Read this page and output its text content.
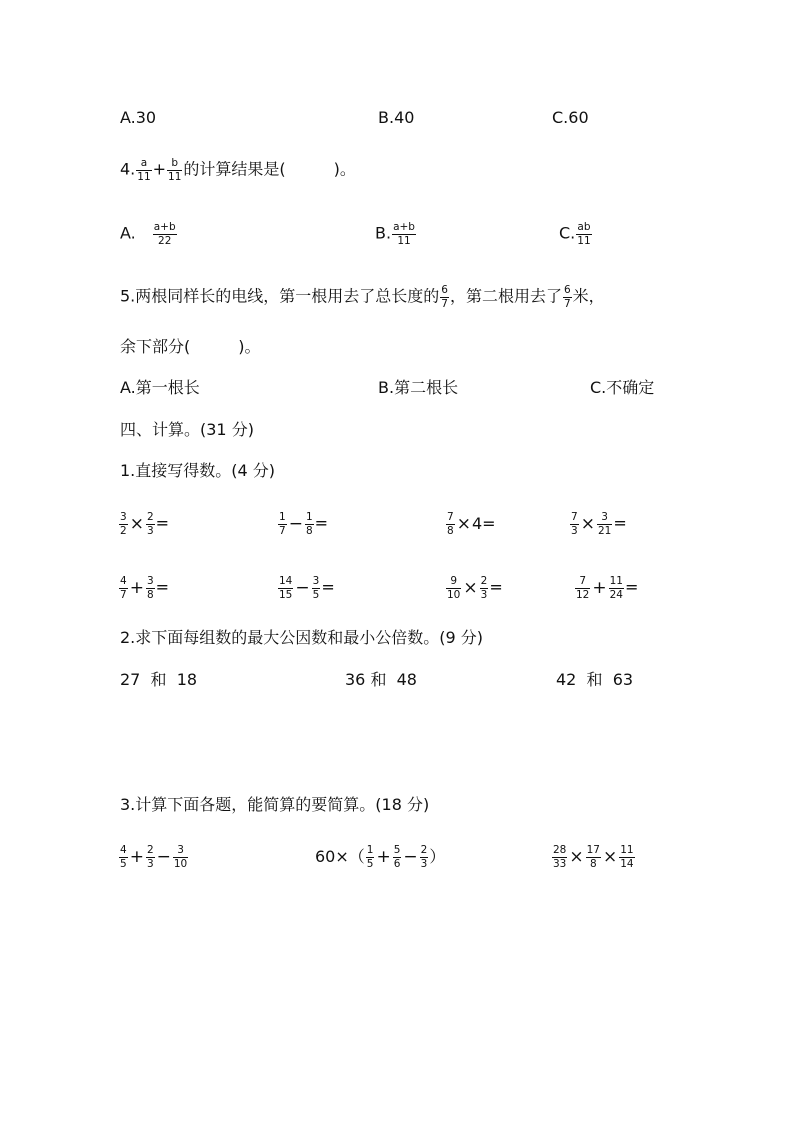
A.30	B.40	C.60
4. $\frac{a}{11} + \frac{b}{11}$ 的计算结果是(	)。
A. $\frac{a+b}{22}$	B. $\frac{a+b}{11}$	C. $\frac{ab}{11}$
5.两根同样长的电线，第一根用去了总长度的 $\frac{6}{7}$ ，第二根用去了 $\frac{6}{7}$ 米，
余下部分(	)。
A.第一根长	B.第二根长	C.不确定
四、计算。(31 分)
1.直接写得数。(4 分)
$\frac{3}{2} \times \frac{2}{3}$ =	$\frac{1}{7} - \frac{1}{8}$ =	$\frac{7}{8} \times 4=$	$\frac{7}{3} \times \frac{3}{21}$ =
$\frac{4}{7} + \frac{3}{8}$ =	$\frac{14}{15} - \frac{3}{5}$ =	$\frac{9}{10} \times \frac{2}{3}$ =	$\frac{7}{12} + \frac{11}{24}$ =
2.求下面每组数的最大公因数和最小公倍数。(9 分)
27  和  18	36 和  48	42  和  63
3.计算下面各题，能简算的要简算。(18 分)
$\frac{4}{5} + \frac{2}{3} - \frac{3}{10}$	$60\times( \frac{1}{5} + \frac{5}{6} - \frac{2}{3}$ ）	$\frac{28}{33} \times \frac{17}{8} \times \frac{11}{14}$
